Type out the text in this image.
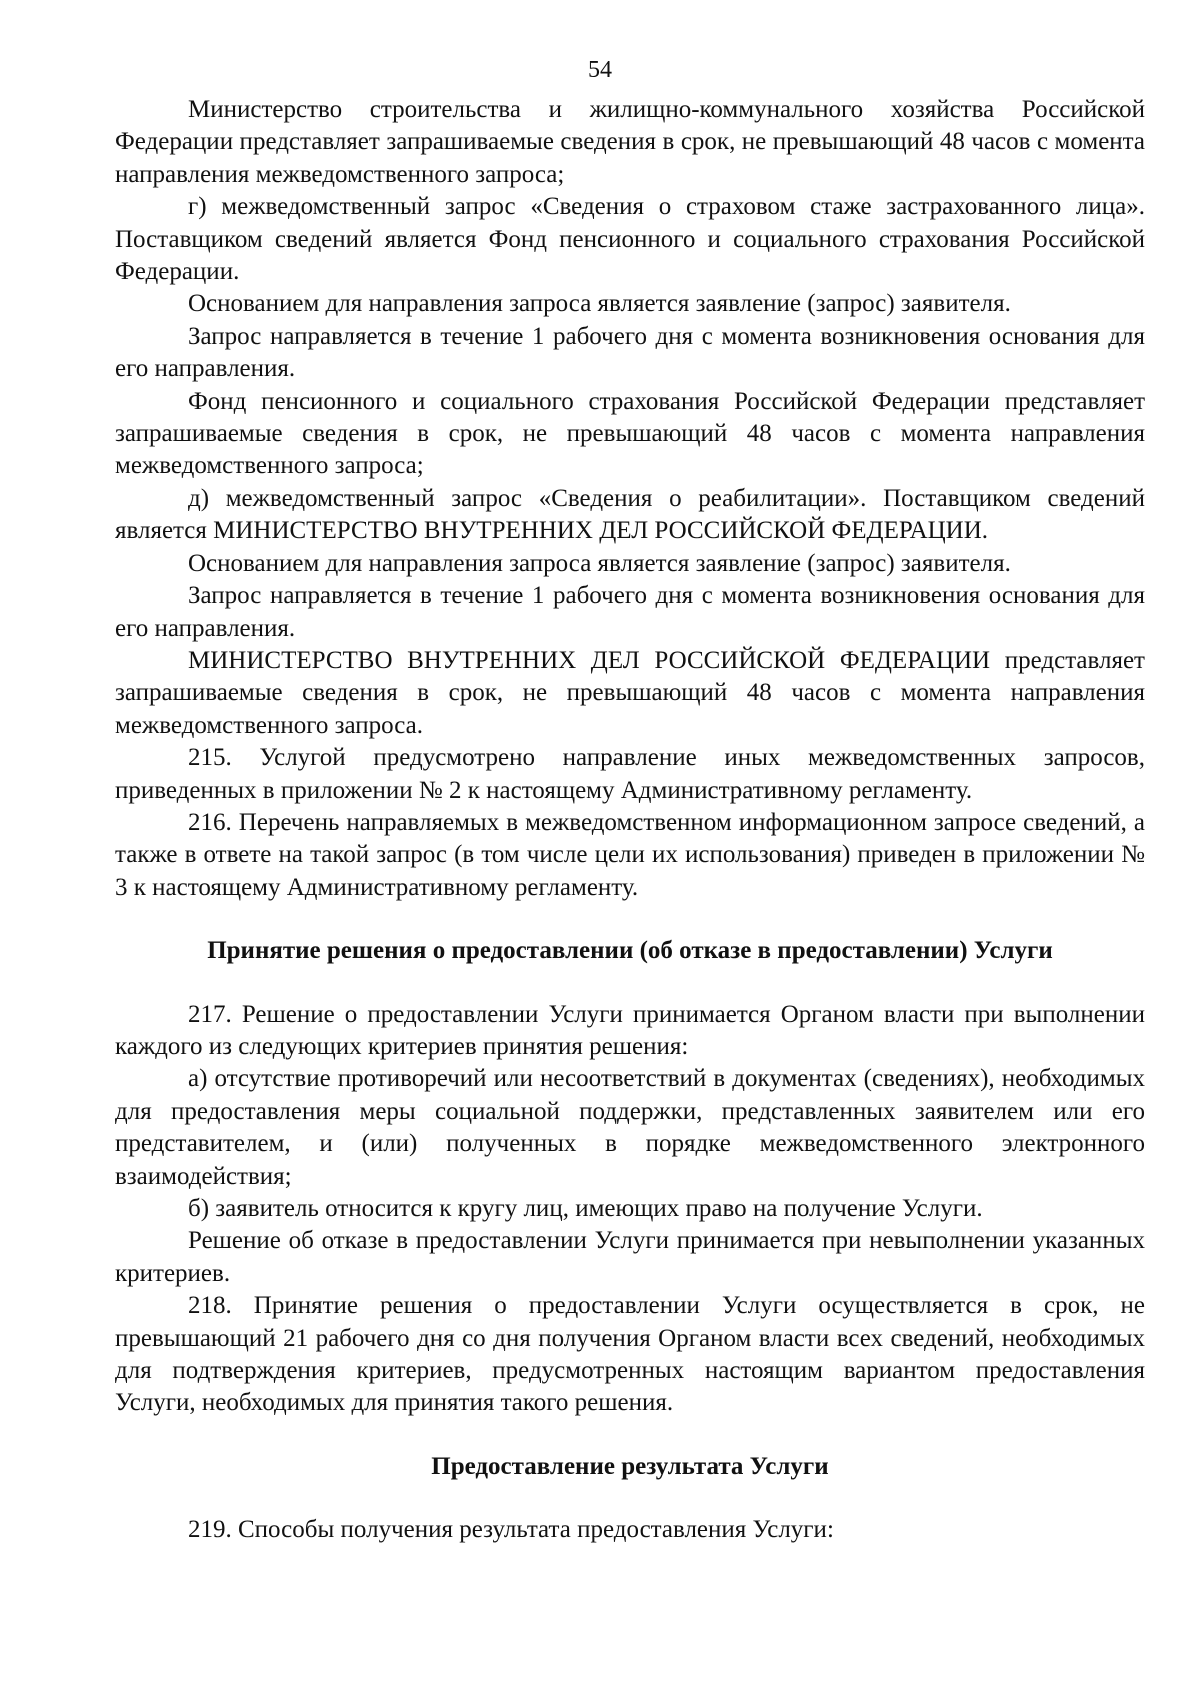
54

Министерство строительства и жилищно-коммунального хозяйства Российской Федерации представляет запрашиваемые сведения в срок, не превышающий 48 часов с момента направления межведомственного запроса;

г) межведомственный запрос «Сведения о страховом стаже застрахованного лица». Поставщиком сведений является Фонд пенсионного и социального страхования Российской Федерации.

Основанием для направления запроса является заявление (запрос) заявителя.

Запрос направляется в течение 1 рабочего дня с момента возникновения основания для его направления.

Фонд пенсионного и социального страхования Российской Федерации представляет запрашиваемые сведения в срок, не превышающий 48 часов с момента направления межведомственного запроса;

д) межведомственный запрос «Сведения о реабилитации». Поставщиком сведений является МИНИСТЕРСТВО ВНУТРЕННИХ ДЕЛ РОССИЙСКОЙ ФЕДЕРАЦИИ.

Основанием для направления запроса является заявление (запрос) заявителя.

Запрос направляется в течение 1 рабочего дня с момента возникновения основания для его направления.

МИНИСТЕРСТВО ВНУТРЕННИХ ДЕЛ РОССИЙСКОЙ ФЕДЕРАЦИИ представляет запрашиваемые сведения в срок, не превышающий 48 часов с момента направления межведомственного запроса.

215. Услугой предусмотрено направление иных межведомственных запросов, приведенных в приложении № 2 к настоящему Административному регламенту.

216. Перечень направляемых в межведомственном информационном запросе сведений, а также в ответе на такой запрос (в том числе цели их использования) приведен в приложении № 3 к настоящему Административному регламенту.

Принятие решения о предоставлении (об отказе в предоставлении) Услуги

217. Решение о предоставлении Услуги принимается Органом власти при выполнении каждого из следующих критериев принятия решения:

а) отсутствие противоречий или несоответствий в документах (сведениях), необходимых для предоставления меры социальной поддержки, представленных заявителем или его представителем, и (или) полученных в порядке межведомственного электронного взаимодействия;

б) заявитель относится к кругу лиц, имеющих право на получение Услуги.

Решение об отказе в предоставлении Услуги принимается при невыполнении указанных критериев.

218. Принятие решения о предоставлении Услуги осуществляется в срок, не превышающий 21 рабочего дня со дня получения Органом власти всех сведений, необходимых для подтверждения критериев, предусмотренных настоящим вариантом предоставления Услуги, необходимых для принятия такого решения.

Предоставление результата Услуги

219. Способы получения результата предоставления Услуги:
